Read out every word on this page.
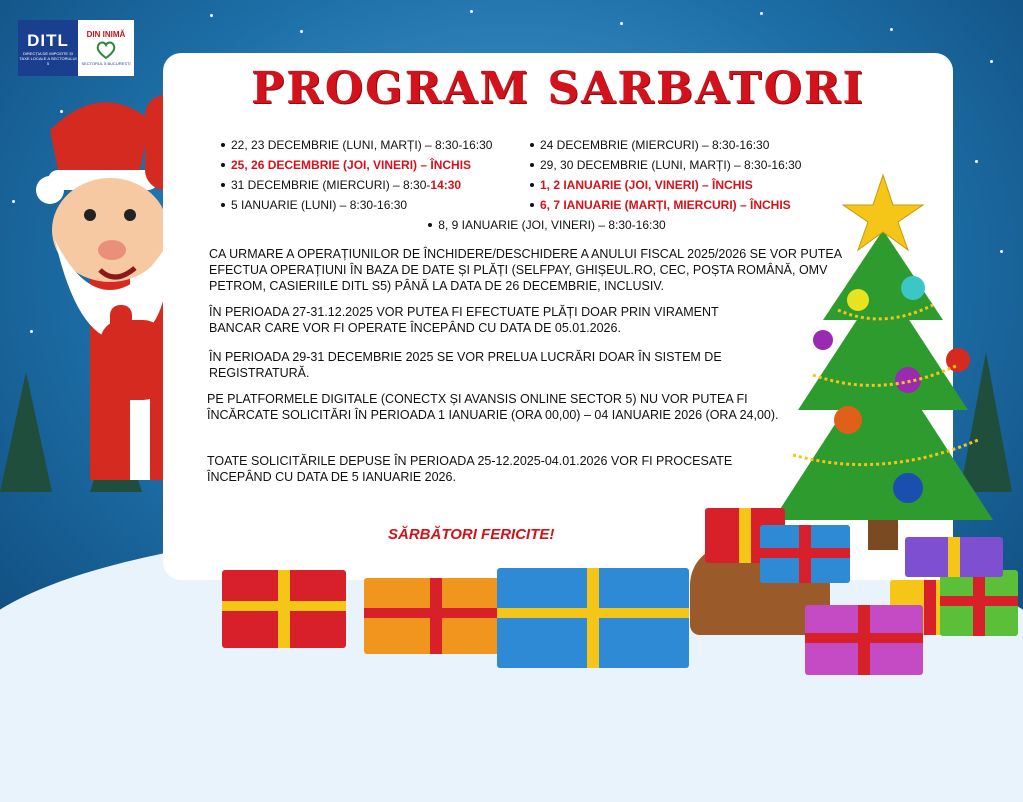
DITL
DIRECȚIA DE IMPOZITE ȘI TAXE LOCALE A SECTORULUI 5
DIN INIMĂ
SECTORUL 5 BUCUREȘTI	PROGRAM SARBATORI
22, 23 DECEMBRIE (LUNI, MARȚI) – 8:30-16:30	24 DECEMBRIE (MIERCURI) – 8:30-16:30
25, 26 DECEMBRIE (JOI, VINERI) – ÎNCHIS	29, 30 DECEMBRIE (LUNI, MARȚI) – 8:30-16:30
31 DECEMBRIE (MIERCURI) – 8:30- 14:30	1, 2 IANUARIE (JOI, VINERI) – ÎNCHIS
5 IANUARIE (LUNI) – 8:30-16:30	6, 7 IANUARIE (MARȚI, MIERCURI) – ÎNCHIS
8, 9 IANUARIE (JOI, VINERI) – 8:30-16:30
CA URMARE A OPERAȚIUNILOR DE ÎNCHIDERE/DESCHIDERE A ANULUI FISCAL 2025/2026 SE VOR PUTEA EFECTUA OPERAȚIUNI ÎN BAZA DE DATE ȘI PLĂȚI (SELFPAY, GHIȘEUL.RO, CEC, POȘTA ROMÂNĂ, OMV PETROM, CASIERIILE DITL S5) PÂNĂ LA DATA DE 26 DECEMBRIE, INCLUSIV.
ÎN PERIOADA 27-31.12.2025 VOR PUTEA FI EFECTUATE PLĂȚI DOAR PRIN VIRAMENT BANCAR CARE VOR FI OPERATE ÎNCEPÂND CU DATA DE 05.01.2026.
ÎN PERIOADA 29-31 DECEMBRIE 2025 SE VOR PRELUA LUCRĂRI DOAR ÎN SISTEM DE REGISTRATURĂ.
PE PLATFORMELE DIGITALE (CONECTX ȘI AVANSIS ONLINE SECTOR 5) NU VOR PUTEA FI ÎNCĂRCATE SOLICITĂRI ÎN PERIOADA 1 IANUARIE (ORA 00,00) – 04 IANUARIE 2026 (ORA 24,00).
TOATE SOLICITĂRILE DEPUSE ÎN PERIOADA 25-12.2025-04.01.2026 VOR FI PROCESATE ÎNCEPÂND CU DATA DE 5 IANUARIE 2026.
SĂRBĂTORI FERICITE!
